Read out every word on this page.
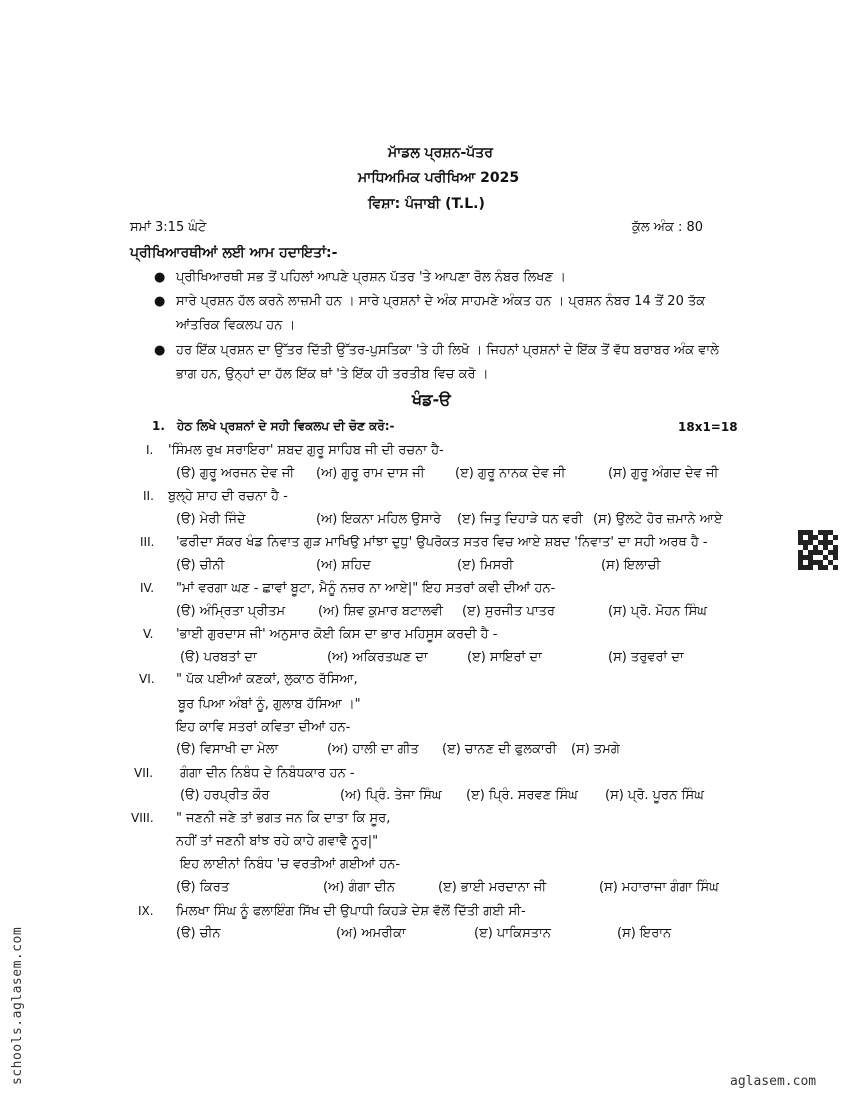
ਮਾੱਡਲ ਪ੍ਰਸ਼ਨ-ਪੱਤਰ
ਮਾਧਿਅਮਿਕ ਪਰੀਖਿਆ 2025
ਵਿਸ਼ਾ: ਪੰਜਾਬੀ (T.L.)
ਸਮਾਂ 3:15 ਘੰਟੇ	ਕੁੱਲ ਅੰਕ : 80
ਪ੍ਰੀਖਿਆਰਥੀਆਂ ਲਈ ਆਮ ਹਦਾਇਤਾਂ:-
● ਪ੍ਰੀਖਿਆਰਥੀ ਸਭ ਤੋਂ ਪਹਿਲਾਂ ਆਪਣੇ ਪ੍ਰਸ਼ਨ ਪੱਤਰ 'ਤੇ ਆਪਣਾ ਰੋਲ ਨੰਬਰ ਲਿਖਣ ।
● ਸਾਰੇ ਪ੍ਰਸ਼ਨ ਹੱਲ ਕਰਨੇ ਲਾਜ਼ਮੀ ਹਨ । ਸਾਰੇ ਪ੍ਰਸ਼ਨਾਂ ਦੇ ਅੰਕ ਸਾਹਮਣੇ ਅੰਕਤ ਹਨ । ਪ੍ਰਸ਼ਨ ਨੰਬਰ 14 ਤੋਂ 20 ਤੱਕ
ਆਂਤਰਿਕ ਵਿਕਲਪ ਹਨ ।
● ਹਰ ਇੱਕ ਪ੍ਰਸ਼ਨ ਦਾ ਉੱਤਰ ਦਿੱਤੀ ਉੱਤਰ-ਪੁਸਤਿਕਾ 'ਤੇ ਹੀ ਲਿਖੋ । ਜਿਹਨਾਂ ਪ੍ਰਸ਼ਨਾਂ ਦੇ ਇੱਕ ਤੋਂ ਵੱਧ ਬਰਾਬਰ ਅੰਕ ਵਾਲੇ
ਭਾਗ ਹਨ, ਉਨ੍ਹਾਂ ਦਾ ਹੱਲ ਇੱਕ ਥਾਂ 'ਤੇ ਇੱਕ ਹੀ ਤਰਤੀਬ ਵਿਚ ਕਰੋ ।
ਖੰਡ-ੳ
1. ਹੇਠ ਲਿਖੇ ਪ੍ਰਸ਼ਨਾਂ ਦੇ ਸਹੀ ਵਿਕਲਪ ਦੀ ਚੋਣ ਕਰੋ:-	18x1=18
I. 'ਸਿੰਮਲ ਰੁਖ ਸਰਾਇਰਾ' ਸ਼ਬਦ ਗੁਰੂ ਸਾਹਿਬ ਜੀ ਦੀ ਰਚਨਾ ਹੈ-
(ੳ) ਗੁਰੂ ਅਰਜਨ ਦੇਵ ਜੀ (ਅ) ਗੁਰੂ ਰਾਮ ਦਾਸ ਜੀ (ੲ) ਗੁਰੂ ਨਾਨਕ ਦੇਵ ਜੀ	(ਸ) ਗੁਰੂ ਅੰਗਦ ਦੇਵ ਜੀ
II. ਬੁਲ੍ਹੇ ਸ਼ਾਹ ਦੀ ਰਚਨਾ ਹੈ -
(ੳ) ਮੇਰੀ ਜਿੰਦੇ	(ਅ) ਇਕਨਾ ਮਹਿਲ ਉਸਾਰੇ (ੲ) ਜਿਤੁ ਦਿਹਾੜੇ ਧਨ ਵਰੀ (ਸ) ਉਲਟੇ ਹੋਰ ਜ਼ਮਾਨੇ ਆਏ
III. 'ਫਰੀਦਾ ਸੱਕਰ ਖੰਡ ਨਿਵਾਤ ਗੁੜ ਮਾਖਿਉ ਮਾਂਝਾ ਦੁਧੁ' ਉਪਰੋਕਤ ਸਤਰ ਵਿਚ ਆਏ ਸ਼ਬਦ 'ਨਿਵਾਤ' ਦਾ ਸਹੀ ਅਰਥ ਹੈ -
(ੳ) ਚੀਨੀ	(ਅ) ਸ਼ਹਿਦ	(ੲ) ਮਿਸਰੀ	(ਸ) ਇਲਾਚੀ
IV. "ਮਾਂ ਵਰਗਾ ਘਣ - ਛਾਵਾਂ ਬੂਟਾ, ਮੈਨੂੰ ਨਜ਼ਰ ਨਾ ਆਏ|" ਇਹ ਸਤਰਾਂ ਕਵੀ ਦੀਆਂ ਹਨ-
(ੳ) ਅੰਮ੍ਰਿਤਾ ਪ੍ਰੀਤਮ	(ਅ) ਸ਼ਿਵ ਕੁਮਾਰ ਬਟਾਲਵੀ (ੲ) ਸੁਰਜੀਤ ਪਾਤਰ	(ਸ) ਪ੍ਰੋ. ਮੋਹਨ ਸਿੰਘ
V. 'ਭਾਈ ਗੁਰਦਾਸ ਜੀ' ਅਨੁਸਾਰ ਕੋਈ ਕਿਸ ਦਾ ਭਾਰ ਮਹਿਸੂਸ ਕਰਦੀ ਹੈ -
(ੳ) ਪਰਬਤਾਂ ਦਾ	(ਅ) ਅਕਿਰਤਘਣ ਦਾ	(ੲ) ਸਾਇਰਾਂ ਦਾ	(ਸ) ਤਰੁਵਰਾਂ ਦਾ
VI. " ਪੱਕ ਪਈਆਂ ਕਣਕਾਂ, ਲੁਕਾਠ ਰੱਸਿਆ,
ਬੂਰ ਪਿਆ ਅੰਬਾਂ ਨੂੰ, ਗੁਲਾਬ ਹੱਸਿਆ ।"
ਇਹ ਕਾਵਿ ਸਤਰਾਂ ਕਵਿਤਾ ਦੀਆਂ ਹਨ-
(ੳ) ਵਿਸਾਖੀ ਦਾ ਮੇਲਾ	(ਅ) ਹਾਲੀ ਦਾ ਗੀਤ (ੲ) ਚਾਨਣ ਦੀ ਫੁਲਕਾਰੀ (ਸ) ਤਮਗੇ
VII. ਗੰਗਾ ਦੀਨ ਨਿਬੰਧ ਦੇ ਨਿਬੰਧਕਾਰ ਹਨ -
(ੳ) ਹਰਪ੍ਰੀਤ ਕੌਰ	(ਅ) ਪ੍ਰਿੰ. ਤੇਜਾ ਸਿੰਘ (ੲ) ਪ੍ਰਿੰ. ਸਰਵਣ ਸਿੰਘ (ਸ) ਪ੍ਰੋ. ਪੂਰਨ ਸਿੰਘ
VIII. " ਜਣਨੀ ਜਣੇ ਤਾਂ ਭਗਤ ਜਨ ਕਿ ਦਾਤਾ ਕਿ ਸੂਰ,
ਨਹੀਂ ਤਾਂ ਜਣਨੀ ਬਾਂਝ ਰਹੇ ਕਾਹੇ ਗਵਾਵੈ ਨੂਰ|"
ਇਹ ਲਾਈਨਾਂ ਨਿਬੰਧ 'ਚ ਵਰਤੀਆਂ ਗਈਆਂ ਹਨ-
(ੳ) ਕਿਰਤ	(ਅ) ਗੰਗਾ ਦੀਨ	(ੲ) ਭਾਈ ਮਰਦਾਨਾ ਜੀ	(ਸ) ਮਹਾਰਾਜਾ ਗੰਗਾ ਸਿੰਘ
IX. ਮਿਲਖਾ ਸਿੰਘ ਨੂੰ ਫਲਾਇੰਗ ਸਿੱਖ ਦੀ ਉਪਾਧੀ ਕਿਹੜੇ ਦੇਸ਼ ਵੱਲੋਂ ਦਿੱਤੀ ਗਈ ਸੀ-
(ੳ) ਚੀਨ	(ਅ) ਅਮਰੀਕਾ	(ੲ) ਪਾਕਿਸਤਾਨ	(ਸ) ਇਰਾਨ
schools.aglasem.com	aglasem.com
